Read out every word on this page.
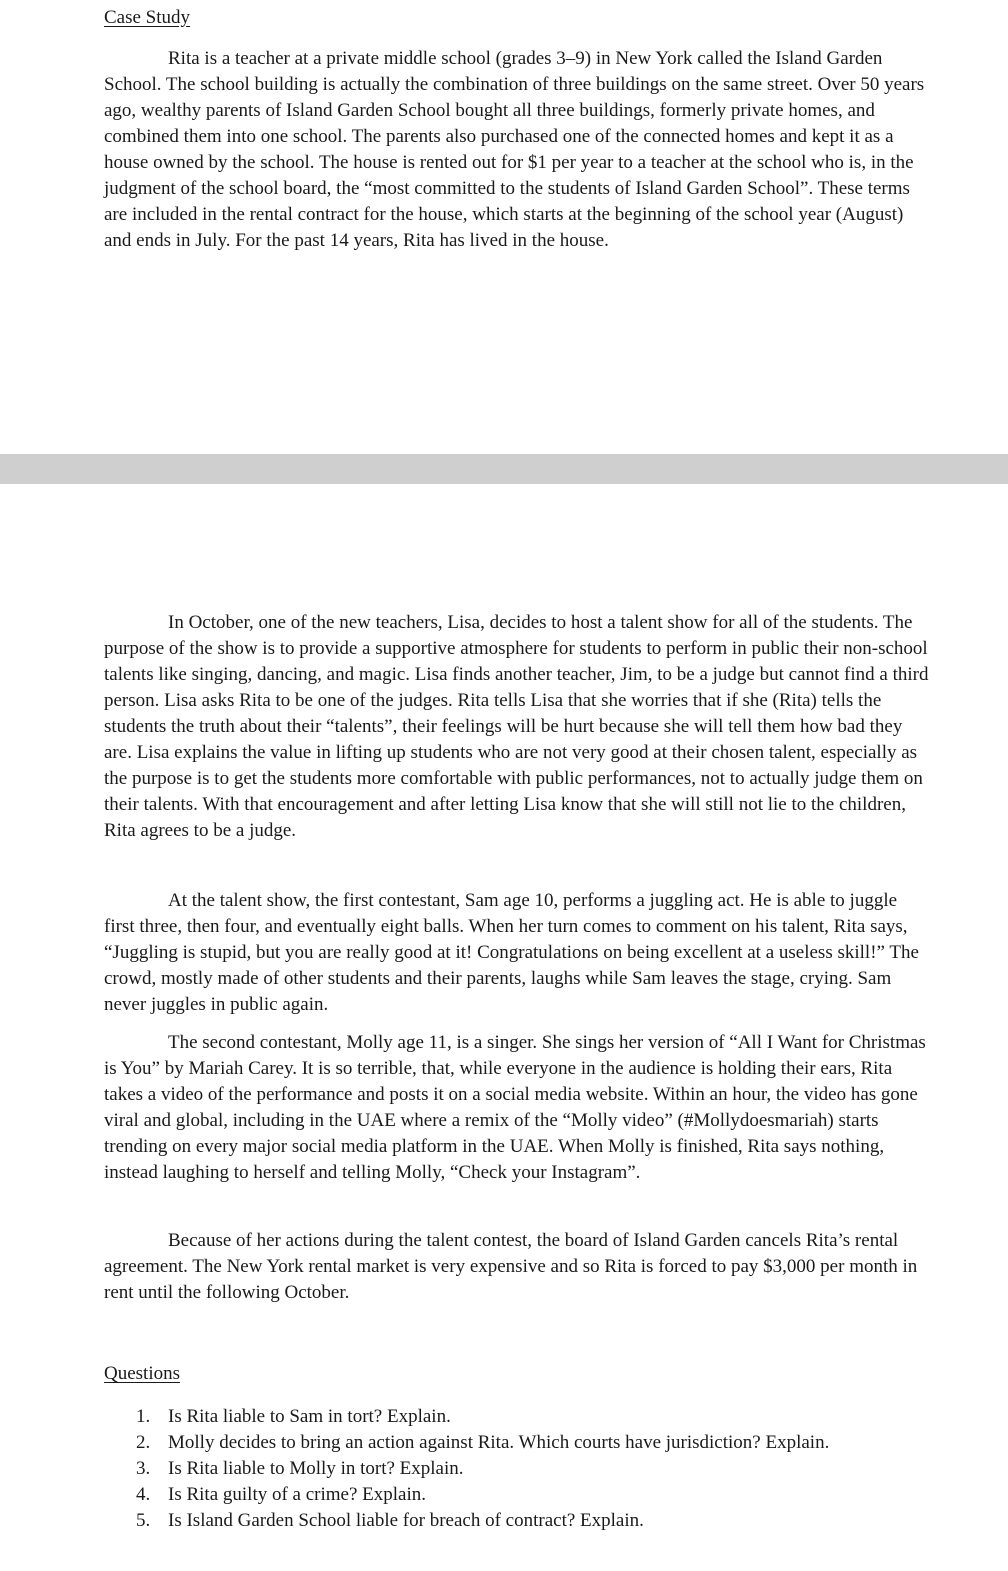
Case Study

Rita is a teacher at a private middle school (grades 3–9) in New York called the Island Garden School. The school building is actually the combination of three buildings on the same street. Over 50 years ago, wealthy parents of Island Garden School bought all three buildings, formerly private homes, and combined them into one school. The parents also purchased one of the connected homes and kept it as a house owned by the school. The house is rented out for $1 per year to a teacher at the school who is, in the judgment of the school board, the “most committed to the students of Island Garden School”. These terms are included in the rental contract for the house, which starts at the beginning of the school year (August) and ends in July. For the past 14 years, Rita has lived in the house.

In October, one of the new teachers, Lisa, decides to host a talent show for all of the students. The purpose of the show is to provide a supportive atmosphere for students to perform in public their non-school talents like singing, dancing, and magic. Lisa finds another teacher, Jim, to be a judge but cannot find a third person. Lisa asks Rita to be one of the judges. Rita tells Lisa that she worries that if she (Rita) tells the students the truth about their “talents”, their feelings will be hurt because she will tell them how bad they are. Lisa explains the value in lifting up students who are not very good at their chosen talent, especially as the purpose is to get the students more comfortable with public performances, not to actually judge them on their talents. With that encouragement and after letting Lisa know that she will still not lie to the children, Rita agrees to be a judge.

At the talent show, the first contestant, Sam age 10, performs a juggling act. He is able to juggle first three, then four, and eventually eight balls. When her turn comes to comment on his talent, Rita says, “Juggling is stupid, but you are really good at it! Congratulations on being excellent at a useless skill!” The crowd, mostly made of other students and their parents, laughs while Sam leaves the stage, crying. Sam never juggles in public again.

The second contestant, Molly age 11, is a singer. She sings her version of “All I Want for Christmas is You” by Mariah Carey. It is so terrible, that, while everyone in the audience is holding their ears, Rita takes a video of the performance and posts it on a social media website. Within an hour, the video has gone viral and global, including in the UAE where a remix of the “Molly video” (#Mollydoesmariah) starts trending on every major social media platform in the UAE. When Molly is finished, Rita says nothing, instead laughing to herself and telling Molly, “Check your Instagram”.

Because of her actions during the talent contest, the board of Island Garden cancels Rita’s rental agreement. The New York rental market is very expensive and so Rita is forced to pay $3,000 per month in rent until the following October.

Questions
1. Is Rita liable to Sam in tort? Explain.
2. Molly decides to bring an action against Rita. Which courts have jurisdiction? Explain.
3. Is Rita liable to Molly in tort? Explain.
4. Is Rita guilty of a crime? Explain.
5. Is Island Garden School liable for breach of contract? Explain.
